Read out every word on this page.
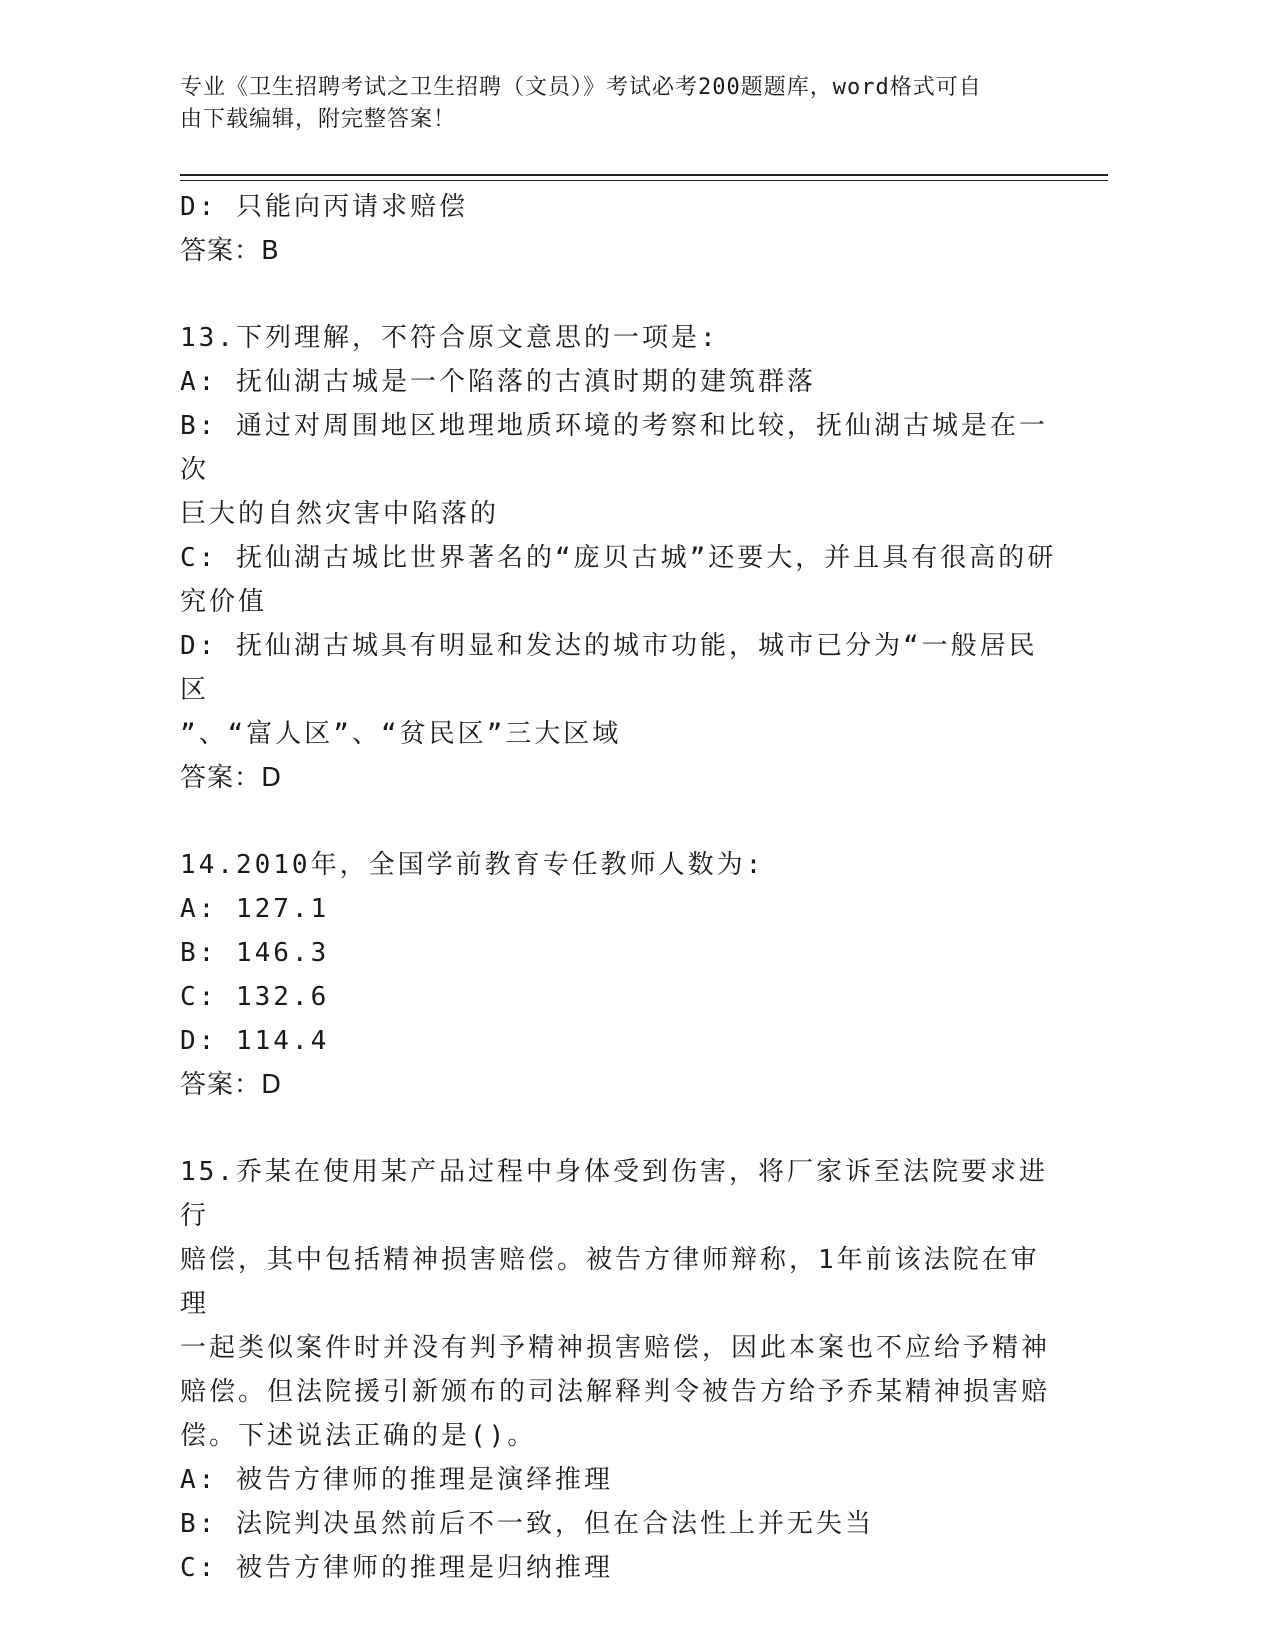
专业《卫生招聘考试之卫生招聘（文员）》考试必考200题题库，word格式可自
由下载编辑，附完整答案！
D: 只能向丙请求赔偿
答案：B
13.下列理解，不符合原文意思的一项是:
A: 抚仙湖古城是一个陷落的古滇时期的建筑群落
B: 通过对周围地区地理地质环境的考察和比较，抚仙湖古城是在一次
巨大的自然灾害中陷落的
C: 抚仙湖古城比世界著名的“庞贝古城”还要大，并且具有很高的研
究价值
D: 抚仙湖古城具有明显和发达的城市功能，城市已分为“一般居民区
”、“富人区”、“贫民区”三大区域
答案：D
14.2010年，全国学前教育专任教师人数为:
A: 127.1
B: 146.3
C: 132.6
D: 114.4
答案：D
15.乔某在使用某产品过程中身体受到伤害，将厂家诉至法院要求进行
赔偿，其中包括精神损害赔偿。被告方律师辩称，1年前该法院在审理
一起类似案件时并没有判予精神损害赔偿，因此本案也不应给予精神
赔偿。但法院援引新颁布的司法解释判令被告方给予乔某精神损害赔
偿。下述说法正确的是()。
A: 被告方律师的推理是演绎推理
B: 法院判决虽然前后不一致，但在合法性上并无失当
C: 被告方律师的推理是归纳推理
